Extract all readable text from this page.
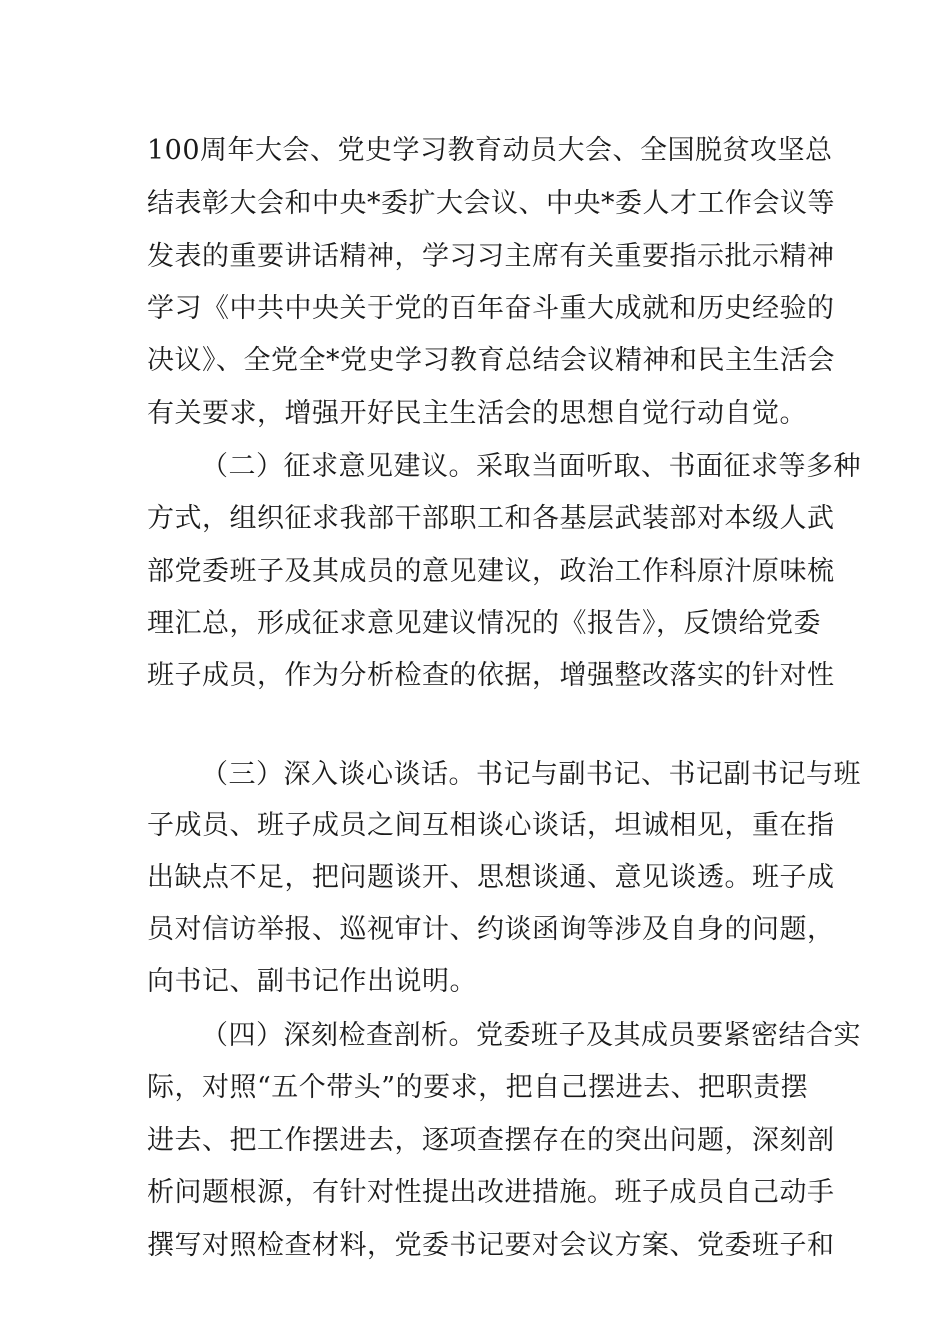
100周年大会、党史学习教育动员大会、全国脱贫攻坚总
结表彰大会和中央*委扩大会议、中央*委人才工作会议等
发表的重要讲话精神，学习习主席有关重要指示批示精神
学习《中共中央关于党的百年奋斗重大成就和历史经验的
决议》、全党全*党史学习教育总结会议精神和民主生活会
有关要求，增强开好民主生活会的思想自觉行动自觉。
（二）征求意见建议。采取当面听取、书面征求等多种
方式，组织征求我部干部职工和各基层武装部对本级人武
部党委班子及其成员的意见建议，政治工作科原汁原味梳
理汇总，形成征求意见建议情况的《报告》，反馈给党委
班子成员，作为分析检查的依据，增强整改落实的针对性
（三）深入谈心谈话。书记与副书记、书记副书记与班
子成员、班子成员之间互相谈心谈话，坦诚相见，重在指
出缺点不足，把问题谈开、思想谈通、意见谈透。班子成
员对信访举报、巡视审计、约谈函询等涉及自身的问题，
向书记、副书记作出说明。
（四）深刻检查剖析。党委班子及其成员要紧密结合实
际，对照“五个带头”的要求，把自己摆进去、把职责摆
进去、把工作摆进去，逐项查摆存在的突出问题，深刻剖
析问题根源，有针对性提出改进措施。班子成员自己动手
撰写对照检查材料，党委书记要对会议方案、党委班子和
